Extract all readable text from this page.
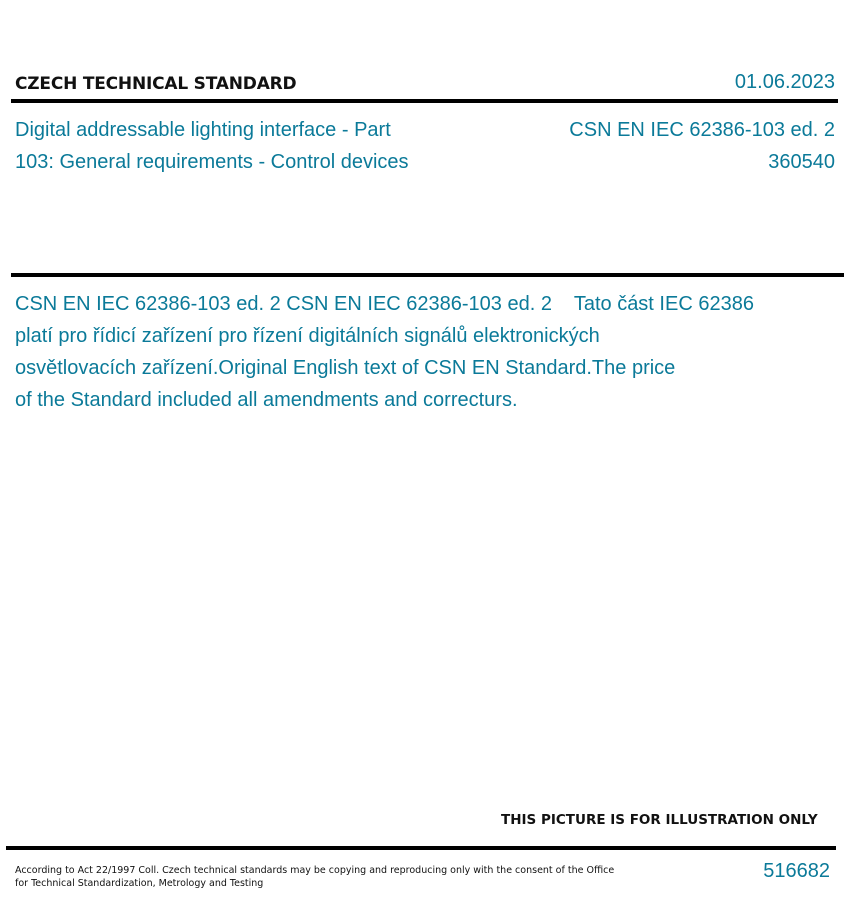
CZECH TECHNICAL STANDARD	01.06.2023
Digital addressable lighting interface - Part
103: General requirements - Control devices
CSN EN IEC 62386-103 ed. 2
360540
CSN EN IEC 62386-103 ed. 2 CSN EN IEC 62386-103 ed. 2    Tato část IEC 62386
platí pro řídicí zařízení pro řízení digitálních signálů elektronických
osvětlovacích zařízení.Original English text of CSN EN Standard.The price
of the Standard included all amendments and correcturs.
THIS PICTURE IS FOR ILLUSTRATION ONLY
According to Act 22/1997 Coll. Czech technical standards may be copying and reproducing only with the consent of the Office
for Technical Standardization, Metrology and Testing
516682
